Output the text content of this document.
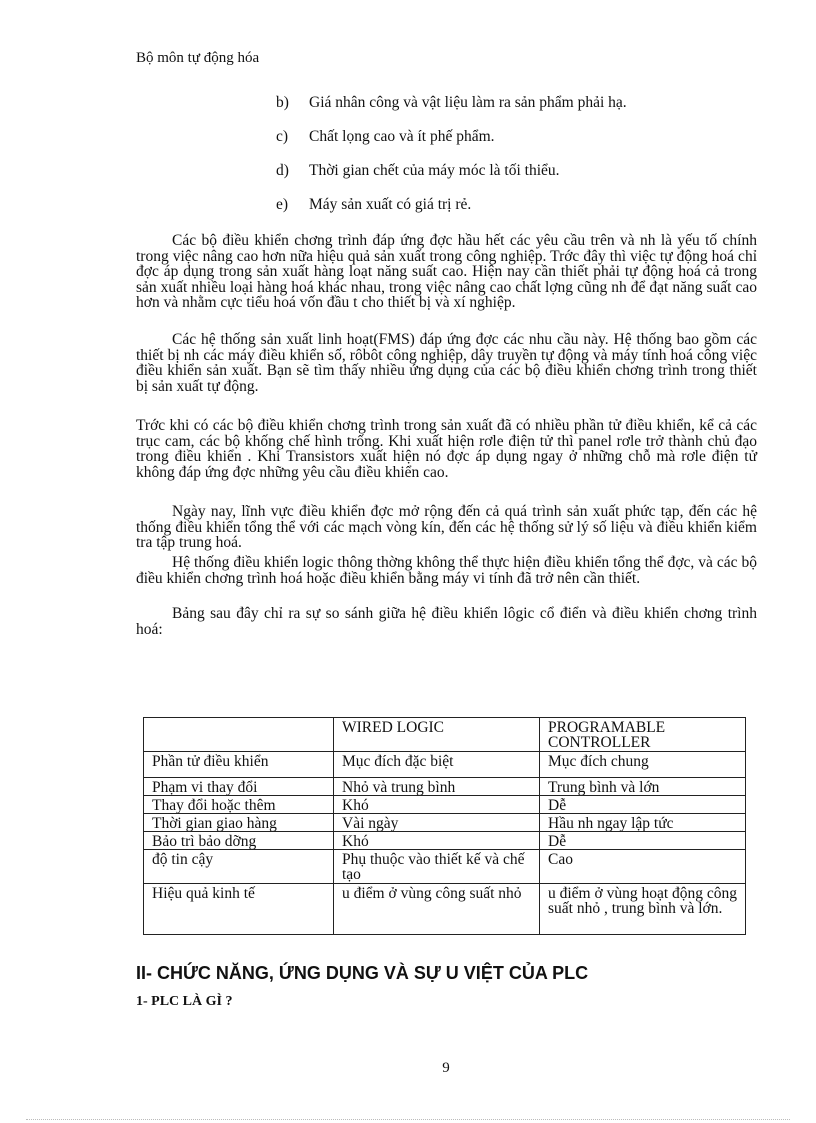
Bộ môn tự động hóa
b)	Giá nhân công và vật liệu làm ra sản phẩm phải hạ.
c)	Chất lọng cao và ít phế phẩm.
d)	Thời gian chết của máy móc là tối thiểu.
e)	Máy sản xuất có giá trị rẻ.
Các bộ điều khiển chơng trình đáp ứng đợc hầu hết các yêu cầu trên và nh là yếu tố chính trong việc nâng cao hơn nữa hiệu quả sản xuất trong công nghiệp. Trớc đây thì việc tự động hoá chỉ đợc áp dụng trong sản xuất hàng loạt năng suất cao. Hiện nay cần thiết phải tự động hoá cả trong sản xuất nhiều loại hàng hoá khác nhau, trong việc nâng cao chất lợng cũng nh để đạt năng suất cao hơn và nhằm cực tiểu hoá vốn đầu t cho thiết bị và xí nghiệp.
Các hệ thống sản xuất linh hoạt(FMS) đáp ứng đợc các nhu cầu này. Hệ thống bao gồm các thiết bị nh các máy điều khiển số, rôbôt công nghiệp, dây truyền tự động và máy tính hoá công việc điều khiển sản xuất. Bạn sẽ tìm thấy nhiều ứng dụng của các bộ điều khiển chơng trình trong thiết bị sản xuất tự động.
Trớc khi có các bộ điều khiển chơng trình trong sản xuất đã có nhiều phần tử điều khiển, kể cả các trục cam, các bộ khống chế hình trống. Khi xuất hiện rơle điện tử thì panel rơle trở thành chủ đạo trong điều khiển . Khi Transistors xuất hiện nó đợc áp dụng ngay ở những chỗ mà rơle điện tử không đáp ứng đợc những yêu cầu điều khiển cao.
Ngày nay, lĩnh vực điều khiển đợc mở rộng đến cả quá trình sản xuất phức tạp, đến các hệ thống điều khiển tổng thể với các mạch vòng kín, đến các hệ thống sử lý số liệu và điều khiển kiểm tra tập trung hoá.
Hệ thống điều khiển logic thông thờng không thể thực hiện điều khiển tổng thể đợc, và các bộ điều khiển chơng trình hoá hoặc điều khiển bằng máy vi tính đã trở nên cần thiết.
Bảng sau đây chỉ ra sự so sánh giữa hệ điều khiển lôgic cổ điển và điều khiển chơng trình hoá:
	WIRED LOGIC	PROGRAMABLE CONTROLLER
Phần tử điều khiển	Mục đích đặc biệt	Mục đích chung
Phạm vi thay đổi	Nhỏ và trung bình	Trung bình và lớn
Thay đổi hoặc thêm	Khó	Dễ
Thời gian giao hàng	Vài ngày	Hầu nh ngay lập tức
Bảo trì bảo dỡng	Khó	Dễ
độ tin cậy	Phụ thuộc vào thiết kế và chế tạo	Cao
Hiệu quả kinh tế	u điểm ở vùng công suất nhỏ	u điểm ở vùng hoạt động công suất nhỏ , trung bình và lớn.
II- CHỨC NĂNG, ỨNG DỤNG VÀ SỰ U VIỆT CỦA PLC
1- PLC LÀ GÌ ?
9
